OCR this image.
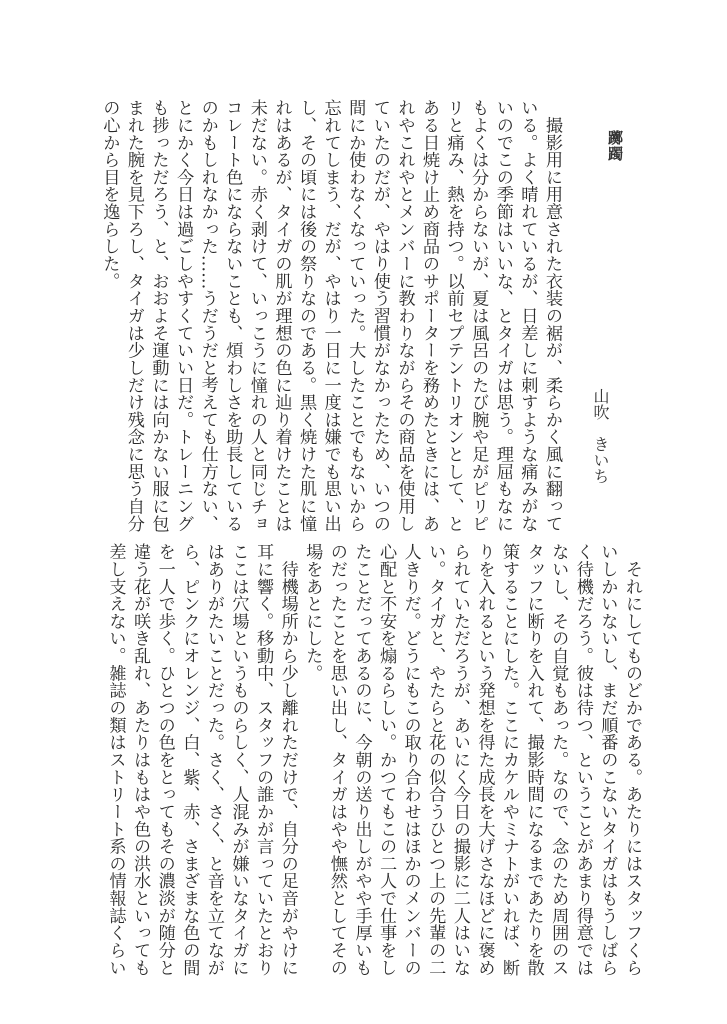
躑躅
山吹きいち
　撮影用に用意された衣装の裾が、柔らかく風に翻って
いる。よく晴れているが、日差しに刺すような痛みがな
いのでこの季節はいいな、とタイガは思う。理屈もなに
もよくは分からないが、夏は風呂のたび腕や足がピリピ
リと痛み、熱を持つ。以前セプテントリオンとして、と
ある日焼け止め商品のサポーターを務めたときには、あ
れやこれやとメンバーに教わりながらその商品を使用し
ていたのだが、やはり使う習慣がなかったため、いつの
間にか使わなくなっていった。大したことでもないから
忘れてしまう、だが、やはり一日に一度は嫌でも思い出
し、その頃には後の祭りなのである。黒く焼けた肌に憧
れはあるが、タイガの肌が理想の色に辿り着けたことは
未だない。赤く剥けて、いっこうに憧れの人と同じチョ
コレート色にならないことも、煩わしさを助長している
のかもしれなかった……うだうだと考えても仕方ない、
とにかく今日は過ごしやすくていい日だ。トレーニング
も捗っただろう、と、おおよそ運動には向かない服に包
まれた腕を見下ろし、タイガは少しだけ残念に思う自分
の心から目を逸らした。
　それにしてものどかである。あたりにはスタッフくら
いしかいないし、まだ順番のこないタイガはもうしばら
く待機だろう。彼は待つ、ということがあまり得意では
ないし、その自覚もあった。なので、念のため周囲のス
タッフに断りを入れて、撮影時間になるまであたりを散
策することにした。ここにカケルやミナトがいれば、断
りを入れるという発想を得た成長を大げさなほどに褒め
られていただろうが、あいにく今日の撮影に二人はいな
い。タイガと、やたらと花の似合うひとつ上の先輩の二
人きりだ。どうにもこの取り合わせはほかのメンバーの
心配と不安を煽るらしい。かつてもこの二人で仕事をし
たことだってあるのに、今朝の送り出しがやや手厚いも
のだったことを思い出し、タイガはやや憮然としてその
場をあとにした。
　待機場所から少し離れただけで、自分の足音がやけに
耳に響く。移動中、スタッフの誰かが言っていたとおり
ここは穴場というものらしく、人混みが嫌いなタイガに
はありがたいことだった。さく、さく、と音を立てなが
ら、ピンクにオレンジ、白、紫、赤、さまざまな色の間
を一人で歩く。ひとつの色をとってもその濃淡が随分と
違う花が咲き乱れ、あたりはもはや色の洪水といっても
差し支えない。雑誌の類はストリート系の情報誌くらい
